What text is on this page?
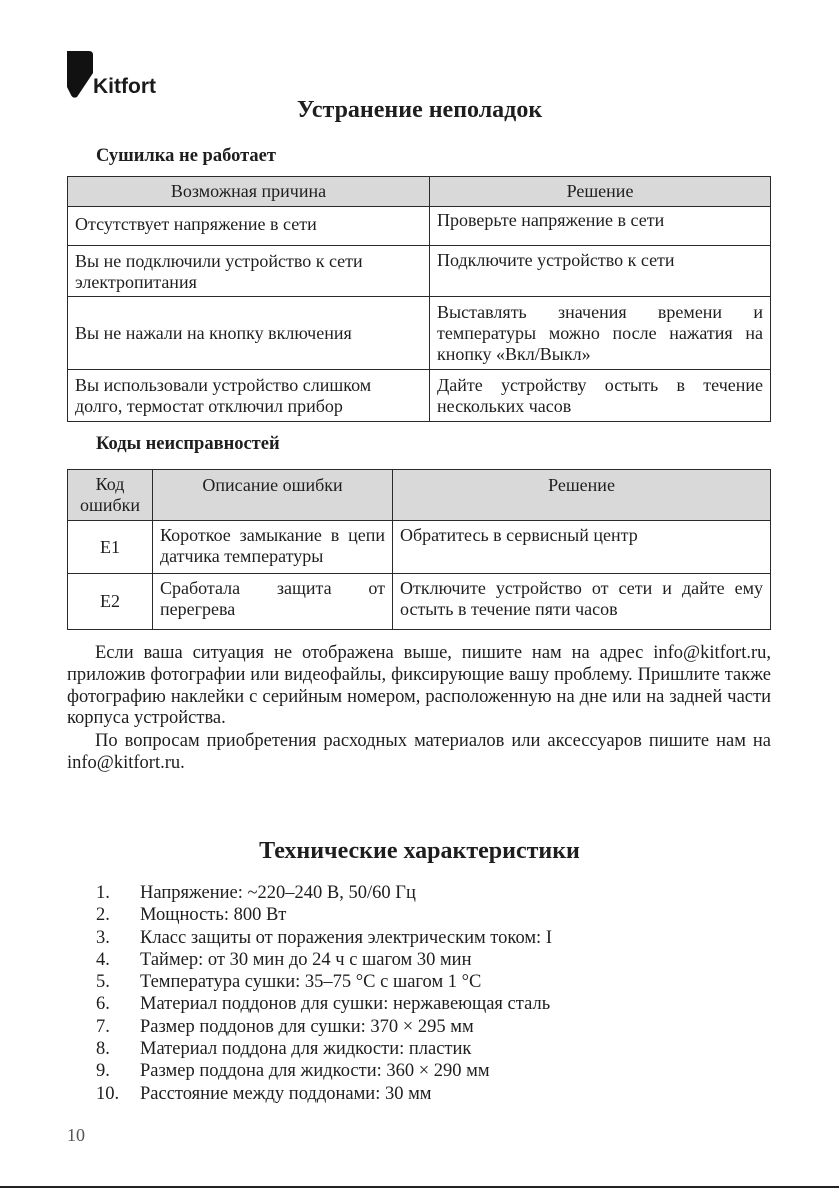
Kitfort
Устранение неполадок
Сушилка не работает
Возможная причина	Решение
Отсутствует напряжение в сети	Проверьте напряжение в сети
Вы не подключили устройство к сети электропитания	Подключите устройство к сети
Вы не нажали на кнопку включения	Выставлять значения времени и температуры можно после нажатия на кнопку «Вкл/Выкл»
Вы использовали устройство слишком долго, термостат отключил прибор	Дайте устройству остыть в течение нескольких часов
Коды неисправностей
Код ошибки	Описание ошибки	Решение
E1	Короткое замыкание в цепи датчика температуры	Обратитесь в сервисный центр
E2	Сработала защита от перегрева	Отключите устройство от сети и дайте ему остыть в течение пяти часов

Если ваша ситуация не отображена выше, пишите нам на адрес info@kitfort.ru, приложив фотографии или видеофайлы, фиксирующие вашу проблему. Пришлите также фотографию наклейки с серийным номером, расположенную на дне или на задней части корпуса устройства.

По вопросам приобретения расходных материалов или аксессуаров пишите нам на info@kitfort.ru.

Технические характеристики
1. Напряжение: ~220–240 В, 50/60 Гц
2. Мощность: 800 Вт
3. Класс защиты от поражения электрическим током: I
4. Таймер: от 30 мин до 24 ч с шагом 30 мин
5. Температура сушки: 35–75 °C с шагом 1 °C
6. Материал поддонов для сушки: нержавеющая сталь
7. Размер поддонов для сушки: 370 × 295 мм
8. Материал поддона для жидкости: пластик
9. Размер поддона для жидкости: 360 × 290 мм
10. Расстояние между поддонами: 30 мм
10
